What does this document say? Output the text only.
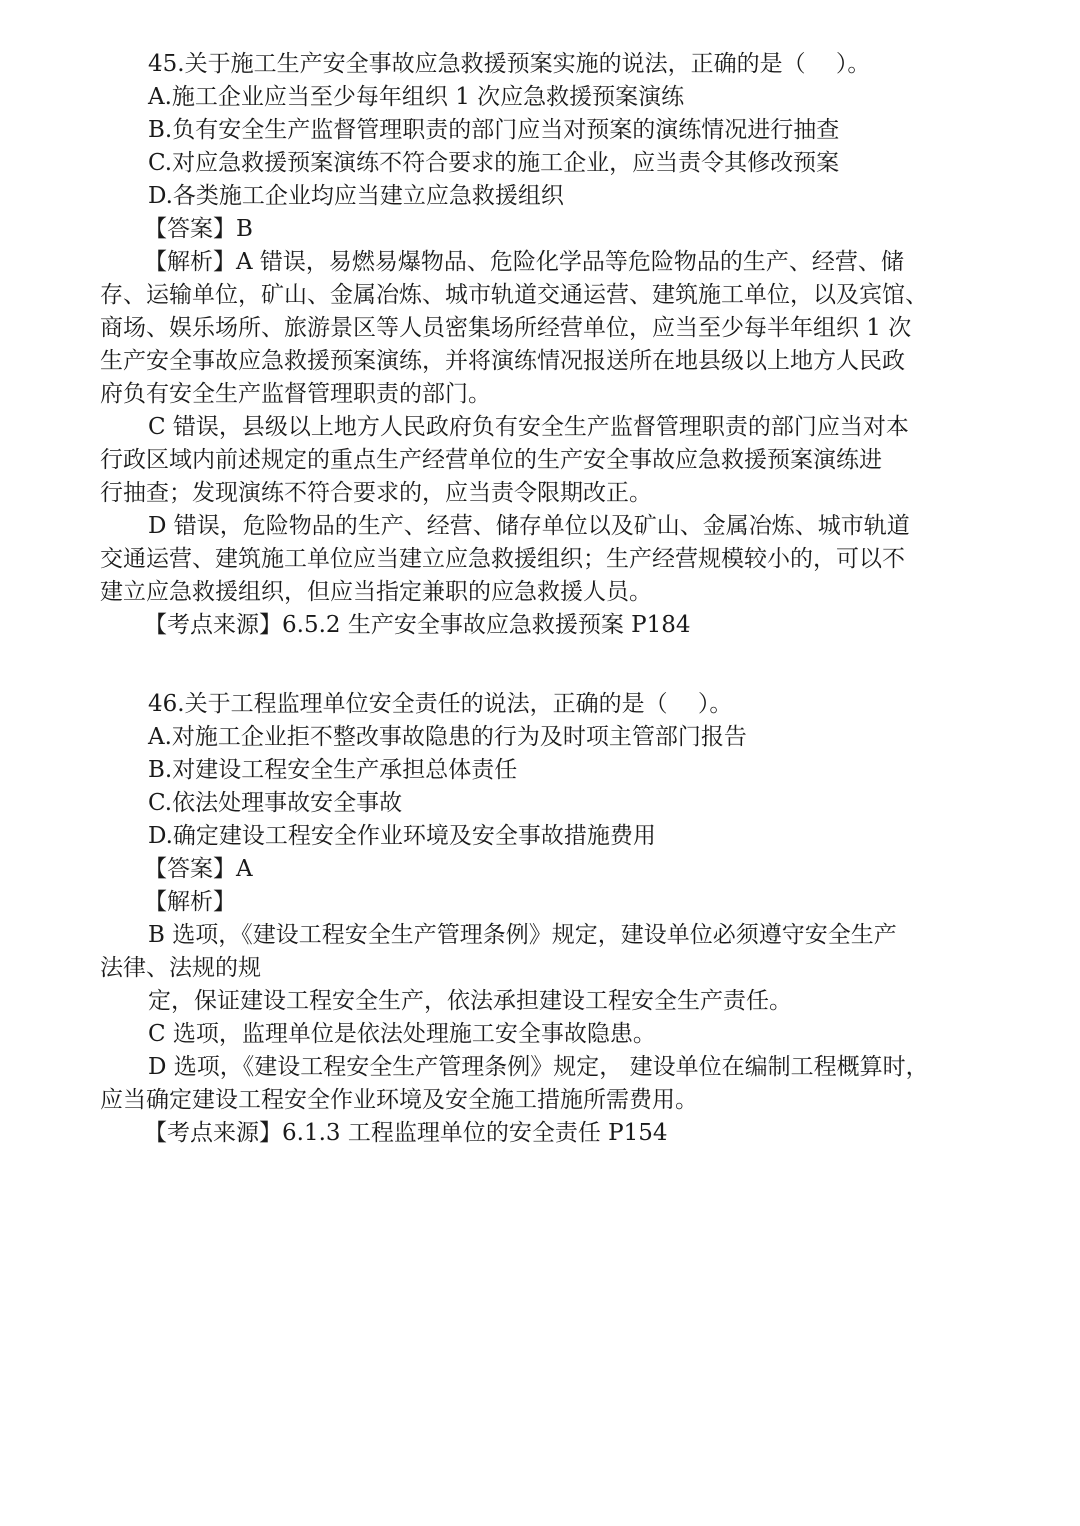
45.关于施工生产安全事故应急救援预案实施的说法，正确的是（　 ）。
A.施工企业应当至少每年组织 1 次应急救援预案演练
B.负有安全生产监督管理职责的部门应当对预案的演练情况进行抽查
C.对应急救援预案演练不符合要求的施工企业，应当责令其修改预案
D.各类施工企业均应当建立应急救援组织
【答案】B
【解析】A 错误，易燃易爆物品、危险化学品等危险物品的生产、经营、储
存、运输单位，矿山、金属冶炼、城市轨道交通运营、建筑施工单位，以及宾馆、
商场、娱乐场所、旅游景区等人员密集场所经营单位，应当至少每半年组织 1 次
生产安全事故应急救援预案演练，并将演练情况报送所在地县级以上地方人民政
府负有安全生产监督管理职责的部门。
C 错误，县级以上地方人民政府负有安全生产监督管理职责的部门应当对本
行政区域内前述规定的重点生产经营单位的生产安全事故应急救援预案演练进
行抽查；发现演练不符合要求的，应当责令限期改正。
D 错误，危险物品的生产、经营、储存单位以及矿山、金属冶炼、城市轨道
交通运营、建筑施工单位应当建立应急救援组织；生产经营规模较小的，可以不
建立应急救援组织，但应当指定兼职的应急救援人员。
【考点来源】6.5.2 生产安全事故应急救援预案 P184
46.关于工程监理单位安全责任的说法，正确的是（　 ）。
A.对施工企业拒不整改事故隐患的行为及时项主管部门报告
B.对建设工程安全生产承担总体责任
C.依法处理事故安全事故
D.确定建设工程安全作业环境及安全事故措施费用
【答案】A
【解析】
B 选项，《建设工程安全生产管理条例》规定，建设单位必须遵守安全生产
法律、法规的规
定，保证建设工程安全生产，依法承担建设工程安全生产责任。
C 选项，监理单位是依法处理施工安全事故隐患。
D 选项，《建设工程安全生产管理条例》规定， 建设单位在编制工程概算时，
应当确定建设工程安全作业环境及安全施工措施所需费用。
【考点来源】6.1.3 工程监理单位的安全责任 P154
